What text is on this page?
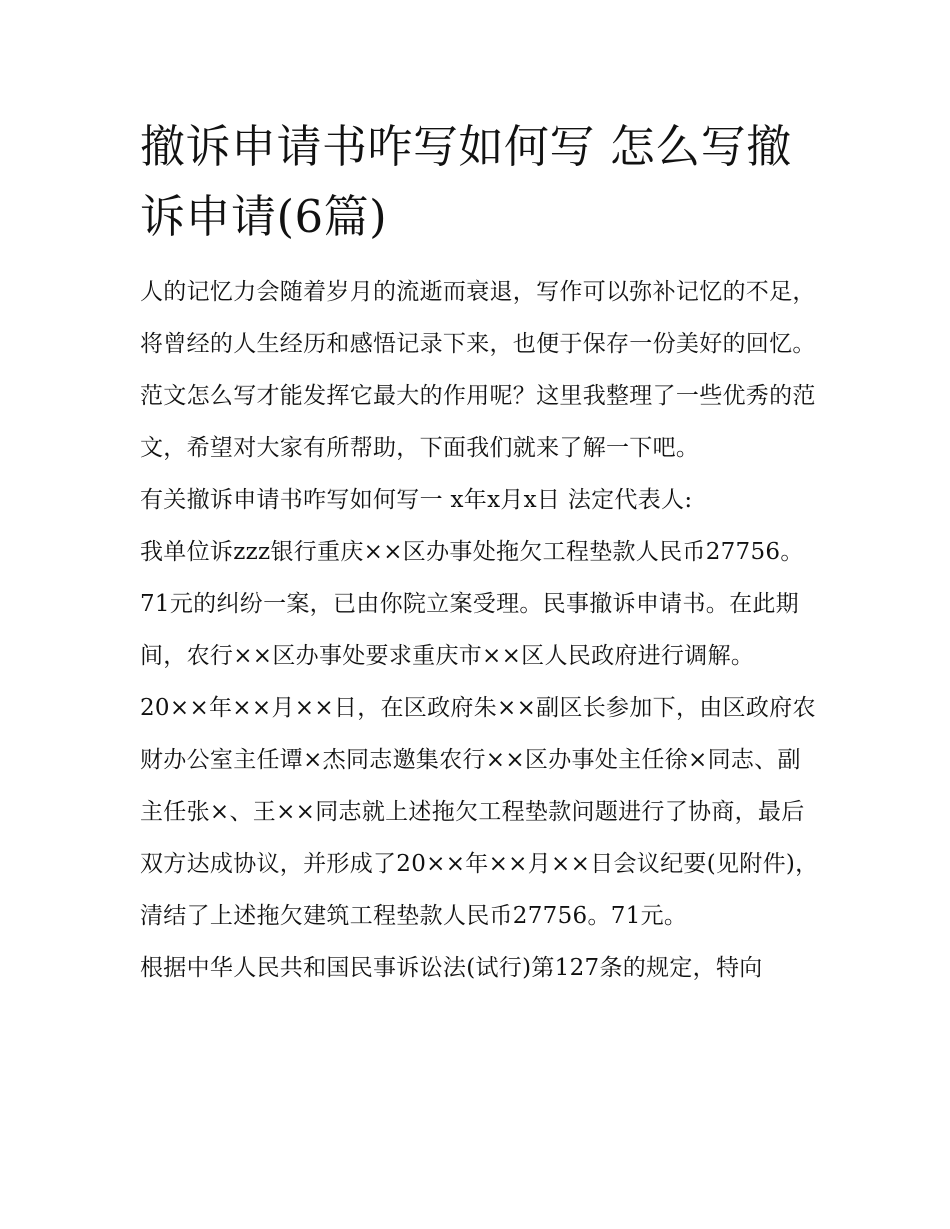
撤诉申请书咋写如何写 怎么写撤诉申请(6篇)

人的记忆力会随着岁月的流逝而衰退，写作可以弥补记忆的不足，将曾经的人生经历和感悟记录下来，也便于保存一份美好的回忆。范文怎么写才能发挥它最大的作用呢？这里我整理了一些优秀的范文，希望对大家有所帮助，下面我们就来了解一下吧。

有关撤诉申请书咋写如何写一 x年x月x日 法定代表人:

我单位诉zzz银行重庆××区办事处拖欠工程垫款人民币27756。71元的纠纷一案，已由你院立案受理。民事撤诉申请书。在此期间，农行××区办事处要求重庆市××区人民政府进行调解。

20××年××月××日，在区政府朱××副区长参加下，由区政府农财办公室主任谭×杰同志邀集农行××区办事处主任徐×同志、副主任张×、王××同志就上述拖欠工程垫款问题进行了协商，最后双方达成协议，并形成了20××年××月××日会议纪要(见附件)，清结了上述拖欠建筑工程垫款人民币27756。71元。

根据中华人民共和国民事诉讼法(试行)第127条的规定，特向
